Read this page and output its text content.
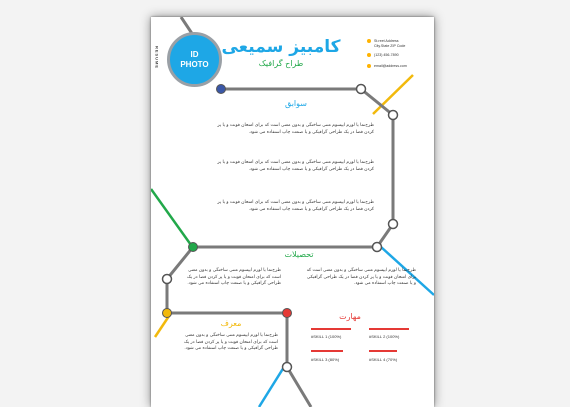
ID
PHOTO
RESUME	کامبیز سمیعی
طراح گرافیک
St.reet Address
City.State ZIP Code
(123) 456-7890
email@address.com
سوابق
طرح‌نما یا لورم ایپسوم متنی ساختگی و بدون معنی است که برای امتحان فونت و یا پر کردن فضا در یک طراحی گرافیکی و یا صنعت چاپ استفاده می شود.
طرح‌نما یا لورم ایپسوم متنی ساختگی و بدون معنی است که برای امتحان فونت و یا پر کردن فضا در یک طراحی گرافیکی و یا صنعت چاپ استفاده می شود.
طرح‌نما یا لورم ایپسوم متنی ساختگی و بدون معنی است که برای امتحان فونت و یا پر کردن فضا در یک طراحی گرافیکی و یا صنعت چاپ استفاده می شود.
تحصیلات
طرح‌نما یا لورم ایپسوم متنی ساختگی و بدون معنی است که برای امتحان فونت و یا پر کردن فضا در یک طراحی گرافیکی و یا صنعت چاپ استفاده می شود.
طرح‌نما یا لورم ایپسوم متنی ساختگی و بدون معنی است که برای امتحان فونت و یا پر کردن فضا در یک طراحی گرافیکی و یا صنعت چاپ استفاده می شود.
معرف
طرح‌نما یا لورم ایپسوم متنی ساختگی و بدون معنی است که برای امتحان فونت و یا پر کردن فضا در یک طراحی گرافیکی و یا صنعت چاپ استفاده می شود.
مهارت
#SKILL 1 (100%)	#SKILL 2 (100%)
#SKILL 3 (80%)	#SKILL 4 (70%)
